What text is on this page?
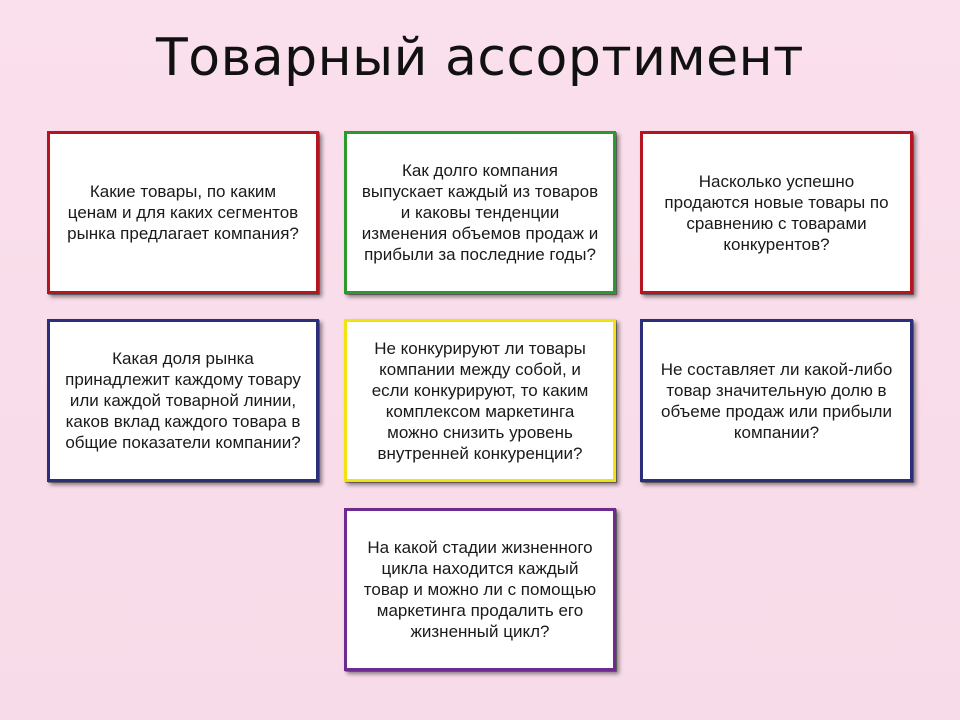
Товарный ассортимент
Какие товары, по каким ценам и для каких сегментов рынка предлагает компания?
Как долго компания выпускает каждый из товаров и каковы тенденции изменения объемов продаж и прибыли за последние годы?
Насколько успешно продаются новые товары по сравнению с товарами конкурентов?
Какая доля рынка принадлежит каждому товару или каждой товарной линии, каков вклад каждого товара в общие показатели компании?
Не конкурируют ли товары компании между собой, и если конкурируют, то каким комплексом маркетинга можно снизить уровень внутренней конкуренции?
Не составляет ли какой-либо товар значительную долю в объеме продаж или прибыли компании?
На какой стадии жизненного цикла находится каждый товар и можно ли с помощью маркетинга продалить его жизненный цикл?
